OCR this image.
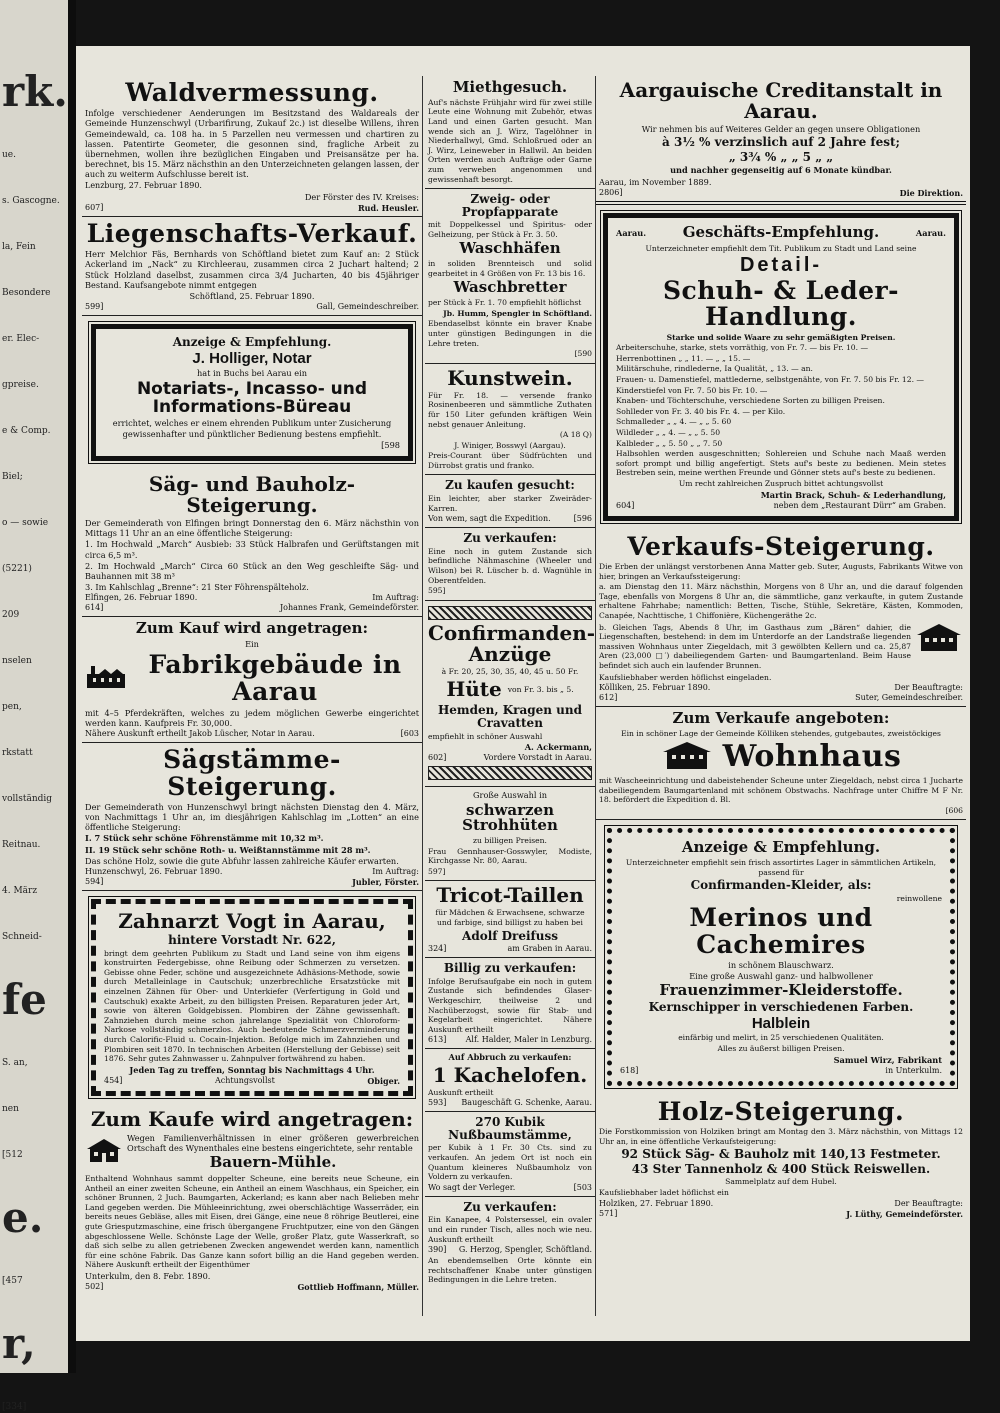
rk.
ue.
s. Gascogne.
la, Fein
Besondere
er. Elec-
gpreise.
e & Comp.
Biel;
o — sowie
(5221)
209
nselen
pen,
rkstatt
vollständig
Reitnau.
4. März
Schneid-
fe
S. an,
nen
[512
e.
[457
r,
[334]
Waldvermessung.
Infolge verschiedener Aenderungen im Besitzstand des Waldareals der Gemeinde Hunzenschwyl (Urbarifirung, Zukauf 2c.) ist dieselbe Willens, ihren Gemeindewald, ca. 108 ha. in 5 Parzellen neu vermessen und chartiren zu lassen. Patentirte Geometer, die gesonnen sind, fragliche Arbeit zu übernehmen, wollen ihre bezüglichen Eingaben und Preisansätze per ha. berechnet, bis 15. März nächsthin an den Unterzeichneten gelangen lassen, der auch zu weiterm Aufschlusse bereit ist.
Lenzburg, 27. Februar 1890.
Der Förster des IV. Kreises:
607]	Rud. Heusler.
Liegenschafts-Verkauf.
Herr Melchior Fäs, Bernhards von Schöftland bietet zum Kauf an: 2 Stück Ackerland im „Nack“ zu Kirchleerau, zusammen circa 2 Juchart haltend; 2 Stück Holzland daselbst, zusammen circa 3/4 Jucharten, 40 bis 45jähriger Bestand. Kaufsangebote nimmt entgegen
Schöftland, 25. Februar 1890.
599]	Gall, Gemeindeschreiber.
Anzeige & Empfehlung.
J. Holliger, Notar
hat in Buchs bei Aarau ein
Notariats-, Incasso- und Informations-Büreau
errichtet, welches er einem ehrenden Publikum unter Zusicherung gewissenhafter und pünktlicher Bedienung bestens empfiehlt.
[598
Säg- und Bauholz-Steigerung.
Der Gemeinderath von Elfingen bringt Donnerstag den 6. März nächsthin von Mittags 11 Uhr an an eine öffentliche Steigerung:
1. Im Hochwald „March“ Ausbieb: 33 Stück Halbrafen und Gerüftstangen mit circa 6,5 m³.
2. Im Hochwald „March“ Circa 60 Stück an den Weg geschleifte Säg- und Bauhannen mit 38 m³
3. Im Kahlschlag „Brenne“: 21 Ster Föhrenspälteholz.
Elfingen, 26. Februar 1890.	Im Auftrag:
614]	Johannes Frank, Gemeindeförster.
Zum Kauf wird angetragen:
Ein
Fabrikgebäude in Aarau
mit 4–5 Pferdekräften, welches zu jedem möglichen Gewerbe eingerichtet werden kann. Kaufpreis Fr. 30,000.
Nähere Auskunft ertheilt Jakob Lüscher, Notar in Aarau.	[603
Sägstämme-Steigerung.
Der Gemeinderath von Hunzenschwyl bringt nächsten Dienstag den 4. März, von Nachmittags 1 Uhr an, im diesjährigen Kahlschlag im „Lotten“ an eine öffentliche Steigerung:
I. 7 Stück sehr schöne Föhrenstämme mit 10,32 m³.
II. 19 Stück sehr schöne Roth- u. Weißtannstämme mit 28 m³.
Das schöne Holz, sowie die gute Abfuhr lassen zahlreiche Käufer erwarten.
Hunzenschwyl, 26. Februar 1890.	Im Auftrag:
594]	Jubler, Förster.
Zahnarzt Vogt in Aarau,
hintere Vorstadt Nr. 622,
bringt dem geehrten Publikum zu Stadt und Land seine von ihm eigens konstruirten Federgebisse, ohne Reibung oder Schmerzen zu versetzen. Gebisse ohne Feder, schöne und ausgezeichnete Adhäsions-Methode, sowie durch Metalleinlage in Cautschuk; unzerbrechliche Ersatzstücke mit einzelnen Zähnen für Ober- und Unterkiefer (Verfertigung in Gold und Cautschuk) exakte Arbeit, zu den billigsten Preisen. Reparaturen jeder Art, sowie von älteren Goldgebissen. Plombiren der Zähne gewissenhaft. Zahnziehen durch meine schon jahrelange Spezialität von Chloroform-Narkose vollständig schmerzlos. Auch bedeutende Schmerzverminderung durch Calorific-Fluid u. Cocain-Injektion. Befolge mich im Zahnziehen und Plombiren seit 1870. In technischen Arbeiten (Herstellung der Gebisse) seit 1876. Sehr gutes Zahnwasser u. Zahnpulver fortwährend zu haben.
Jeden Tag zu treffen, Sonntag bis Nachmittags 4 Uhr.
454]	Achtungsvollst	Obiger.
Zum Kaufe wird angetragen:
Wegen Familienverhältnissen in einer größeren gewerbreichen Ortschaft des Wynenthales eine bestens eingerichtete, sehr rentable
Bauern-Mühle.
Enthaltend Wohnhaus sammt doppelter Scheune, eine bereits neue Scheune, ein Antheil an einer zweiten Scheune, ein Antheil an einem Waschhaus, ein Speicher, ein schöner Brunnen, 2 Juch. Baumgarten, Ackerland; es kann aber nach Belieben mehr Land gegeben werden. Die Mühleeinrichtung, zwei oberschlächtige Wasserräder, ein bereits neues Gebläse, alles mit Eisen, drei Gänge, eine neue 8 röhrige Beutlerei, eine gute Griesputzmaschine, eine frisch übergangene Fruchtputzer, eine von den Gängen abgeschlossene Welle. Schönste Lage der Welle, großer Platz, gute Wasserkraft, so daß sich selbe zu allen getriebenen Zwecken angewendet werden kann, namentlich für eine schöne Fabrik. Das Ganze kann sofort billig an die Hand gegeben werden. Nähere Auskunft ertheilt der Eigenthümer
Unterkulm, den 8. Febr. 1890.
502]	Gottlieb Hoffmann, Müller.
Miethgesuch.
Auf's nächste Frühjahr wird für zwei stille Leute eine Wohnung mit Zubehör, etwas Land und einen Garten gesucht. Man wende sich an J. Wirz, Tagelöhner in Niederhallwyl, Gmd. Schloßrued oder an J. Wirz, Leineweber in Hallwil. An beiden Orten werden auch Aufträge oder Garne zum verweben angenommen und gewissenhaft besorgt.
Zweig- oder Propfapparate
mit Doppelkessel und Spiritus- oder Gelheizung, per Stück à Fr. 3. 50.
Waschhäfen
in soliden Brennteisch und solid gearbeitet in 4 Größen von Fr. 13 bis 16.
Waschbretter
per Stück à Fr. 1. 70 empfiehlt höflichst
Jb. Humm, Spengler in Schöftland.
Ebendaselbst könnte ein braver Knabe unter günstigen Bedingungen in die Lehre treten.
[590
Kunstwein.
Für Fr. 18. — versende franko Rosinenbeeren und sämmtliche Zuthaten für 150 Liter gefunden kräftigen Wein nebst genauer Anleitung.
(A 18 Q)
J. Winiger, Bosswyl (Aargau).
Preis-Courant über Südfrüchten und Dürrobst gratis und franko.
Zu kaufen gesucht:
Ein leichter, aber starker Zweiräder-Karren.
Von wem, sagt die Expedition.	[596
Zu verkaufen:
Eine noch in gutem Zustande sich befindliche Nähmaschine (Wheeler und Wilson) bei R. Lüscher b. d. Wagnühle in Oberentfelden.
595]
Confirmanden-Anzüge
à Fr. 20, 25, 30, 35, 40, 45 u. 50 Fr.
Hüte von Fr. 3. bis „ 5.
Hemden, Kragen und Cravatten
empfiehlt in schöner Auswahl
A. Ackermann,
602]	Vordere Vorstadt in Aarau.
Große Auswahl in
schwarzen Strohhüten
zu billigen Preisen.
Frau Gennhauser-Gosswyler, Modiste, Kirchgasse Nr. 80, Aarau.
597]
Tricot-Taillen
für Mädchen & Erwachsene, schwarze und farbige, sind billigst zu haben bei
Adolf Dreifuss
324]	am Graben in Aarau.
Billig zu verkaufen:
Infolge Berufsaufgabe ein noch in gutem Zustande sich befindendes Glaser-Werkgeschirr, theilweise 2 und Nachüberzogst, sowie für Stab- und Kegelarbeit eingerichtet. Nähere Auskunft ertheilt
613] Alf. Halder, Maler in Lenzburg.
Auf Abbruch zu verkaufen:
1 Kachelofen.
Auskunft ertheilt
593] Baugeschäft G. Schenke, Aarau.
270 Kubik Nußbaumstämme,
per Kubik à 1 Fr. 30 Cts. sind zu verkaufen. An jedem Ort ist noch ein Quantum kleineres Nußbaumholz von Voldern zu verkaufen.
Wo sagt der Verleger.	[503
Zu verkaufen:
Ein Kanapee, 4 Polstersessel, ein ovaler und ein runder Tisch, alles noch wie neu. Auskunft ertheilt
390] G. Herzog, Spengler, Schöftland.
An ebendemselben Orte könnte ein rechtschaffener Knabe unter günstigen Bedingungen in die Lehre treten.
Aargauische Creditanstalt in Aarau.
Wir nehmen bis auf Weiteres Gelder an gegen unsere Obligationen
à 3½ % verzinslich auf 2 Jahre fest;
„ 3¾ % „ „ 5 „ „
und nachher gegenseitig auf 6 Monate kündbar.
Aarau, im November 1889.
2806]	Die Direktion.
Aarau. Geschäfts-Empfehlung.	Aarau.
Unterzeichneter empfiehlt dem Tit. Publikum zu Stadt und Land seine
Detail-
Schuh- & Leder-Handlung.
Starke und solide Waare zu sehr gemäßigten Preisen.
Arbeiterschuhe, starke, stets vorräthig, von Fr. 7. — bis Fr. 10. —
Herrenbottinen „ „ 11. — „ „ 15. —
Militärschuhe, rindlederne, Ia Qualität, „ 13. — an.
Frauen- u. Damenstiefel, mattlederne, selbstgenähte, von Fr. 7. 50 bis Fr. 12. —
Kinderstiefel von Fr. 7. 50 bis Fr. 10. —
Knaben- und Töchterschuhe, verschiedene Sorten zu billigen Preisen.
Sohlleder von Fr. 3. 40 bis Fr. 4. — per Kilo.
Schmalleder „ „ 4. — „ „ 5. 60
Wildleder „ „ 4. — „ „ 5. 50
Kalbleder „ „ 5. 50 „ „ 7. 50
Halbsohlen werden ausgeschnitten; Sohlereien und Schuhe nach Maaß werden sofort prompt und billig angefertigt. Stets auf's beste zu bedienen. Mein stetes Bestreben sein, meine werthen Freunde und Gönner stets auf's beste zu bedienen.
Um recht zahlreichen Zuspruch bittet achtungsvollst
Martin Brack, Schuh- & Lederhandlung,
604]	neben dem „Restaurant Dürr“ am Graben.
Verkaufs-Steigerung.
Die Erben der unlängst verstorbenen Anna Matter geb. Suter, Augusts, Fabrikants Witwe von hier, bringen an Verkaufssteigerung:
a. am Dienstag den 11. März nächsthin, Morgens von 8 Uhr an, und die darauf folgenden Tage, ebenfalls von Morgens 8 Uhr an, die sämmtliche, ganz verkaufte, in gutem Zustande erhaltene Fahrhabe; namentlich: Betten, Tische, Stühle, Sekretäre, Kästen, Kommoden, Canapée, Nachttische, 1 Chiffonière, Küchengeräthe 2c.
b. Gleichen Tags, Abends 8 Uhr, im Gasthaus zum „Bären“ dahier, die Liegenschaften, bestehend: in dem im Unterdorfe an der Landstraße liegenden massiven Wohnhaus unter Ziegeldach, mit 3 gewölbten Kellern und ca. 25,87 Aren (23,000 □′) dabeiliegendem Garten- und Baumgartenland. Beim Hause befindet sich auch ein laufender Brunnen.
Kaufsliebhaber werden höflichst eingeladen.
Kölliken, 25. Februar 1890.	Der Beauftragte:
612]	Suter, Gemeindeschreiber.
Zum Verkaufe angeboten:
Ein in schöner Lage der Gemeinde Kölliken stehendes, gutgebautes, zweistöckiges
Wohnhaus
mit Wascheeinrichtung und dabeistehender Scheune unter Ziegeldach, nebst circa 1 Jucharte dabeiliegendem Baumgartenland mit schönem Obstwachs. Nachfrage unter Chiffre M F Nr. 18. befördert die Expedition d. Bl.
[606
Anzeige & Empfehlung.
Unterzeichneter empfiehlt sein frisch assortirtes Lager in sämmtlichen Artikeln, passend für
Confirmanden-Kleider, als:
reinwollene
Merinos und Cachemires
in schönem Blauschwarz.
Eine große Auswahl ganz- und halbwollener
Frauenzimmer-Kleiderstoffe.
Kernschipper in verschiedenen Farben.
Halblein
einfärbig und melirt, in 25 verschiedenen Qualitäten.
Alles zu äußerst billigen Preisen.
Samuel Wirz, Fabrikant
618]	in Unterkulm.
Holz-Steigerung.
Die Forstkommission von Holziken bringt am Montag den 3. März nächsthin, von Mittags 12 Uhr an, in eine öffentliche Verkaufsteigerung:
92 Stück Säg- & Bauholz mit 140,13 Festmeter.
43 Ster Tannenholz & 400 Stück Reiswellen.
Sammelplatz auf dem Hubel.
Kaufsliebhaber ladet höflichst ein
Holziken, 27. Februar 1890.	Der Beauftragte:
571]	J. Lüthy, Gemeindeförster.
